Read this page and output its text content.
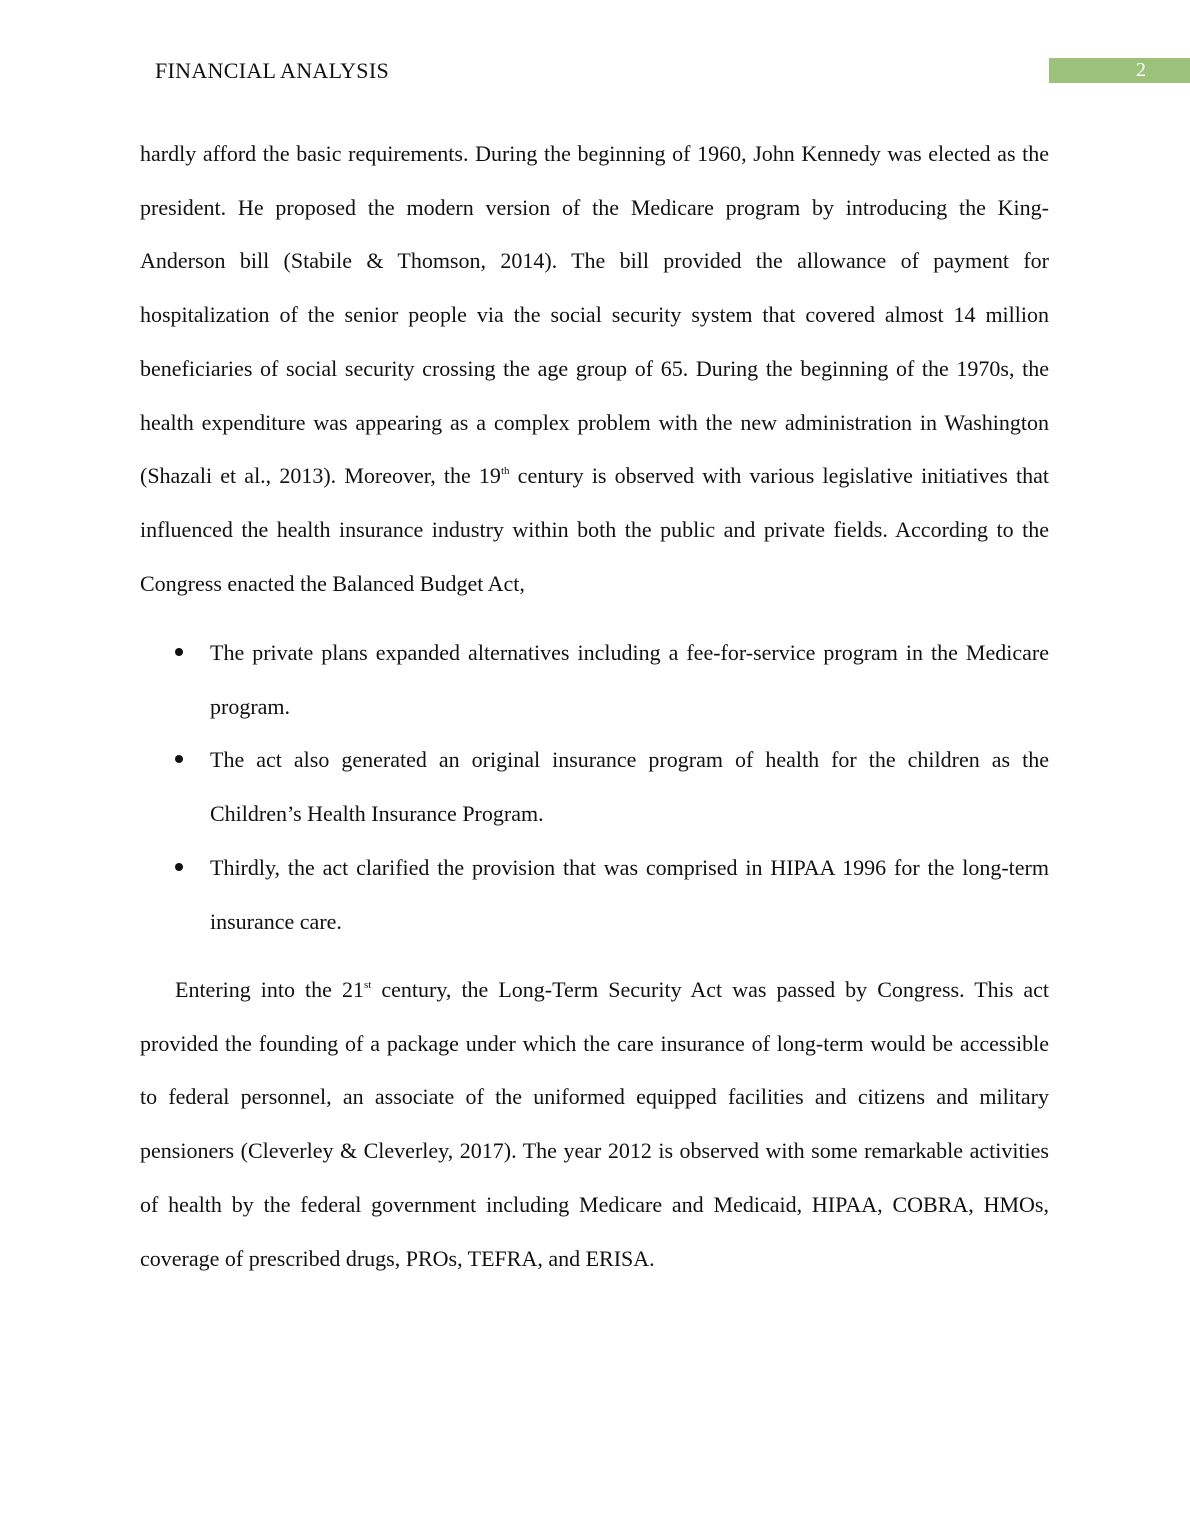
FINANCIAL ANALYSIS	2

hardly afford the basic requirements. During the beginning of 1960, John Kennedy was elected as the president. He proposed the modern version of the Medicare program by introducing the King-Anderson bill (Stabile & Thomson, 2014). The bill provided the allowance of payment for hospitalization of the senior people via the social security system that covered almost 14 million beneficiaries of social security crossing the age group of 65. During the beginning of the 1970s, the health expenditure was appearing as a complex problem with the new administration in Washington (Shazali et al., 2013). Moreover, the 19th century is observed with various legislative initiatives that influenced the health insurance industry within both the public and private fields. According to the Congress enacted the Balanced Budget Act,

The private plans expanded alternatives including a fee-for-service program in the Medicare program.
The act also generated an original insurance program of health for the children as the Children’s Health Insurance Program.
Thirdly, the act clarified the provision that was comprised in HIPAA 1996 for the long-term insurance care.

Entering into the 21st century, the Long-Term Security Act was passed by Congress. This act provided the founding of a package under which the care insurance of long-term would be accessible to federal personnel, an associate of the uniformed equipped facilities and citizens and military pensioners (Cleverley & Cleverley, 2017). The year 2012 is observed with some remarkable activities of health by the federal government including Medicare and Medicaid, HIPAA, COBRA, HMOs, coverage of prescribed drugs, PROs, TEFRA, and ERISA.
